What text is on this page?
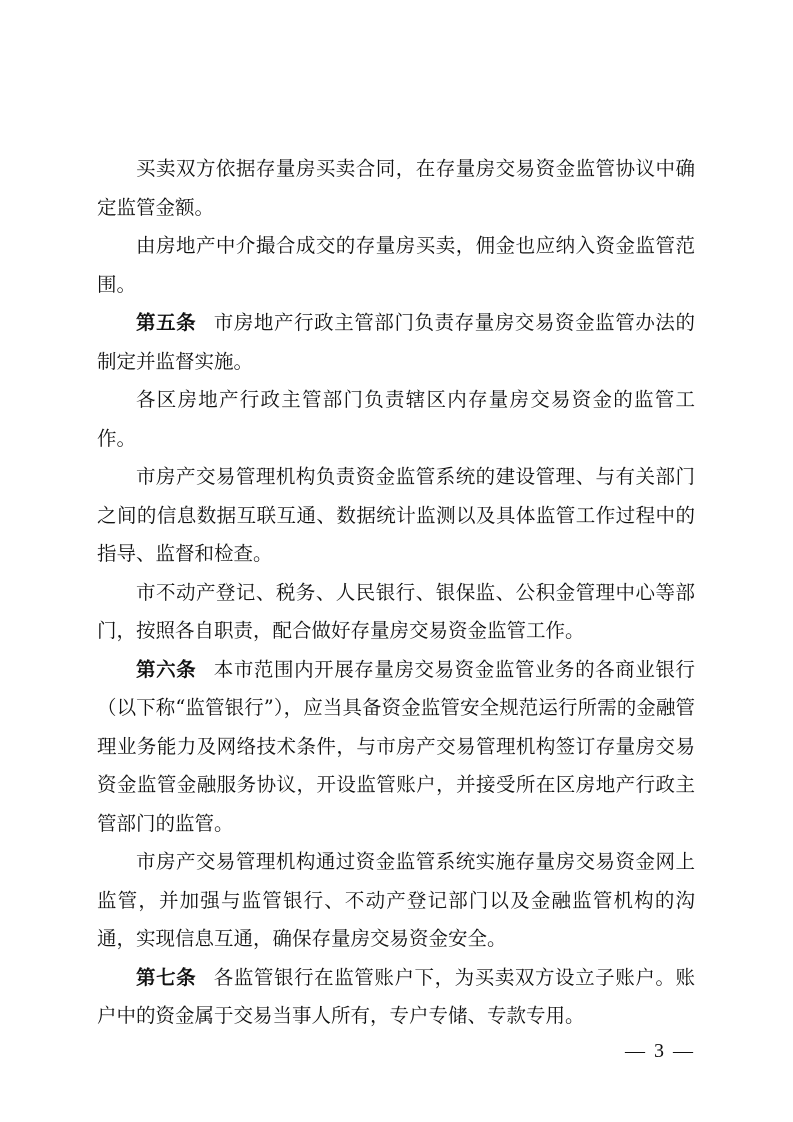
买卖双方依据存量房买卖合同，在存量房交易资金监管协议中确定监管金额。

由房地产中介撮合成交的存量房买卖，佣金也应纳入资金监管范围。

第五条 市房地产行政主管部门负责存量房交易资金监管办法的制定并监督实施。

各区房地产行政主管部门负责辖区内存量房交易资金的监管工作。

市房产交易管理机构负责资金监管系统的建设管理、与有关部门之间的信息数据互联互通、数据统计监测以及具体监管工作过程中的指导、监督和检查。

市不动产登记、税务、人民银行、银保监、公积金管理中心等部门，按照各自职责，配合做好存量房交易资金监管工作。

第六条 本市范围内开展存量房交易资金监管业务的各商业银行（以下称“监管银行”），应当具备资金监管安全规范运行所需的金融管理业务能力及网络技术条件，与市房产交易管理机构签订存量房交易资金监管金融服务协议，开设监管账户，并接受所在区房地产行政主管部门的监管。

市房产交易管理机构通过资金监管系统实施存量房交易资金网上监管，并加强与监管银行、不动产登记部门以及金融监管机构的沟通，实现信息互通，确保存量房交易资金安全。

第七条 各监管银行在监管账户下，为买卖双方设立子账户。账户中的资金属于交易当事人所有，专户专储、专款专用。

— 3 —
